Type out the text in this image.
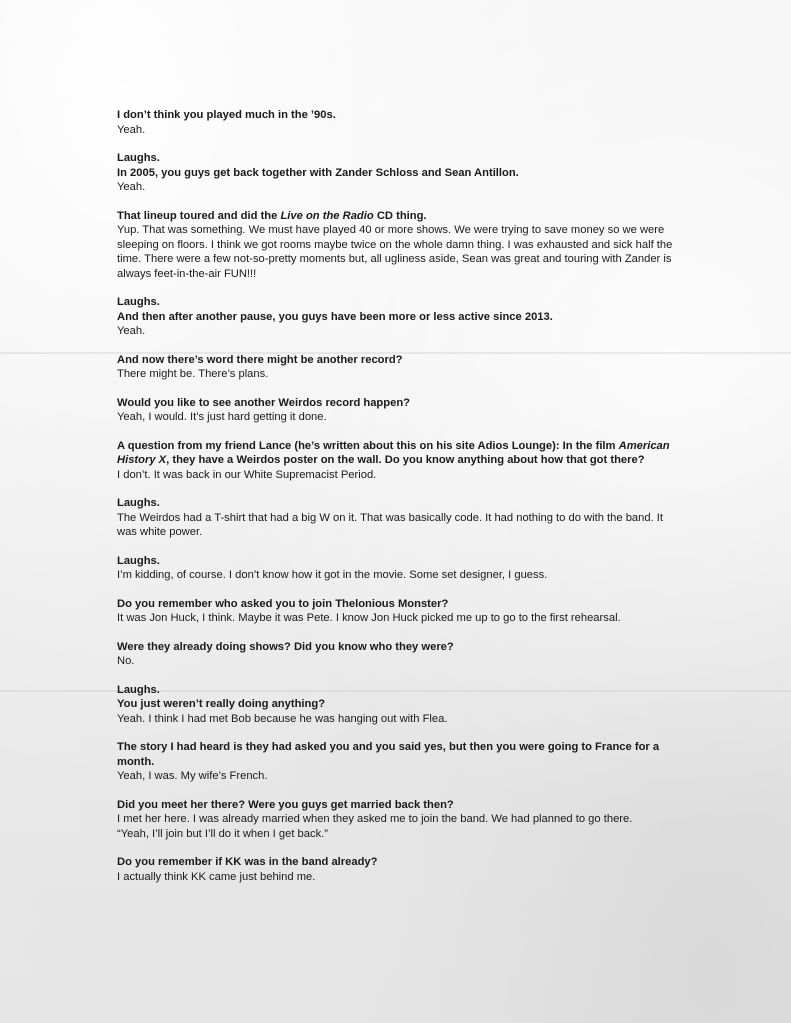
I don’t think you played much in the ’90s.

Yeah.

Laughs.

In 2005, you guys get back together with Zander Schloss and Sean Antillon.

Yeah.

That lineup toured and did the Live on the Radio CD thing.

Yup. That was something. We must have played 40 or more shows. We were trying to save money so we were sleeping on floors. I think we got rooms maybe twice on the whole damn thing. I was exhausted and sick half the time. There were a few not-so-pretty moments but, all ugliness aside, Sean was great and touring with Zander is always feet-in-the-air FUN!!!

Laughs.

And then after another pause, you guys have been more or less active since 2013.

Yeah.

And now there’s word there might be another record?

There might be. There’s plans.

Would you like to see another Weirdos record happen?

Yeah, I would. It’s just hard getting it done.

A question from my friend Lance (he’s written about this on his site Adios Lounge): In the film American History X, they have a Weirdos poster on the wall. Do you know anything about how that got there?

I don’t. It was back in our White Supremacist Period.

Laughs.

The Weirdos had a T-shirt that had a big W on it. That was basically code. It had nothing to do with the band. It was white power.

Laughs.

I’m kidding, of course. I don’t know how it got in the movie. Some set designer, I guess.

Do you remember who asked you to join Thelonious Monster?

It was Jon Huck, I think. Maybe it was Pete. I know Jon Huck picked me up to go to the first rehearsal.

Were they already doing shows? Did you know who they were?

No.

Laughs.

You just weren’t really doing anything?

Yeah. I think I had met Bob because he was hanging out with Flea.

The story I had heard is they had asked you and you said yes, but then you were going to France for a month.

Yeah, I was. My wife’s French.

Did you meet her there? Were you guys get married back then?

I met her here. I was already married when they asked me to join the band. We had planned to go there.

“Yeah, I’ll join but I’ll do it when I get back.”

Do you remember if KK was in the band already?

I actually think KK came just behind me.
